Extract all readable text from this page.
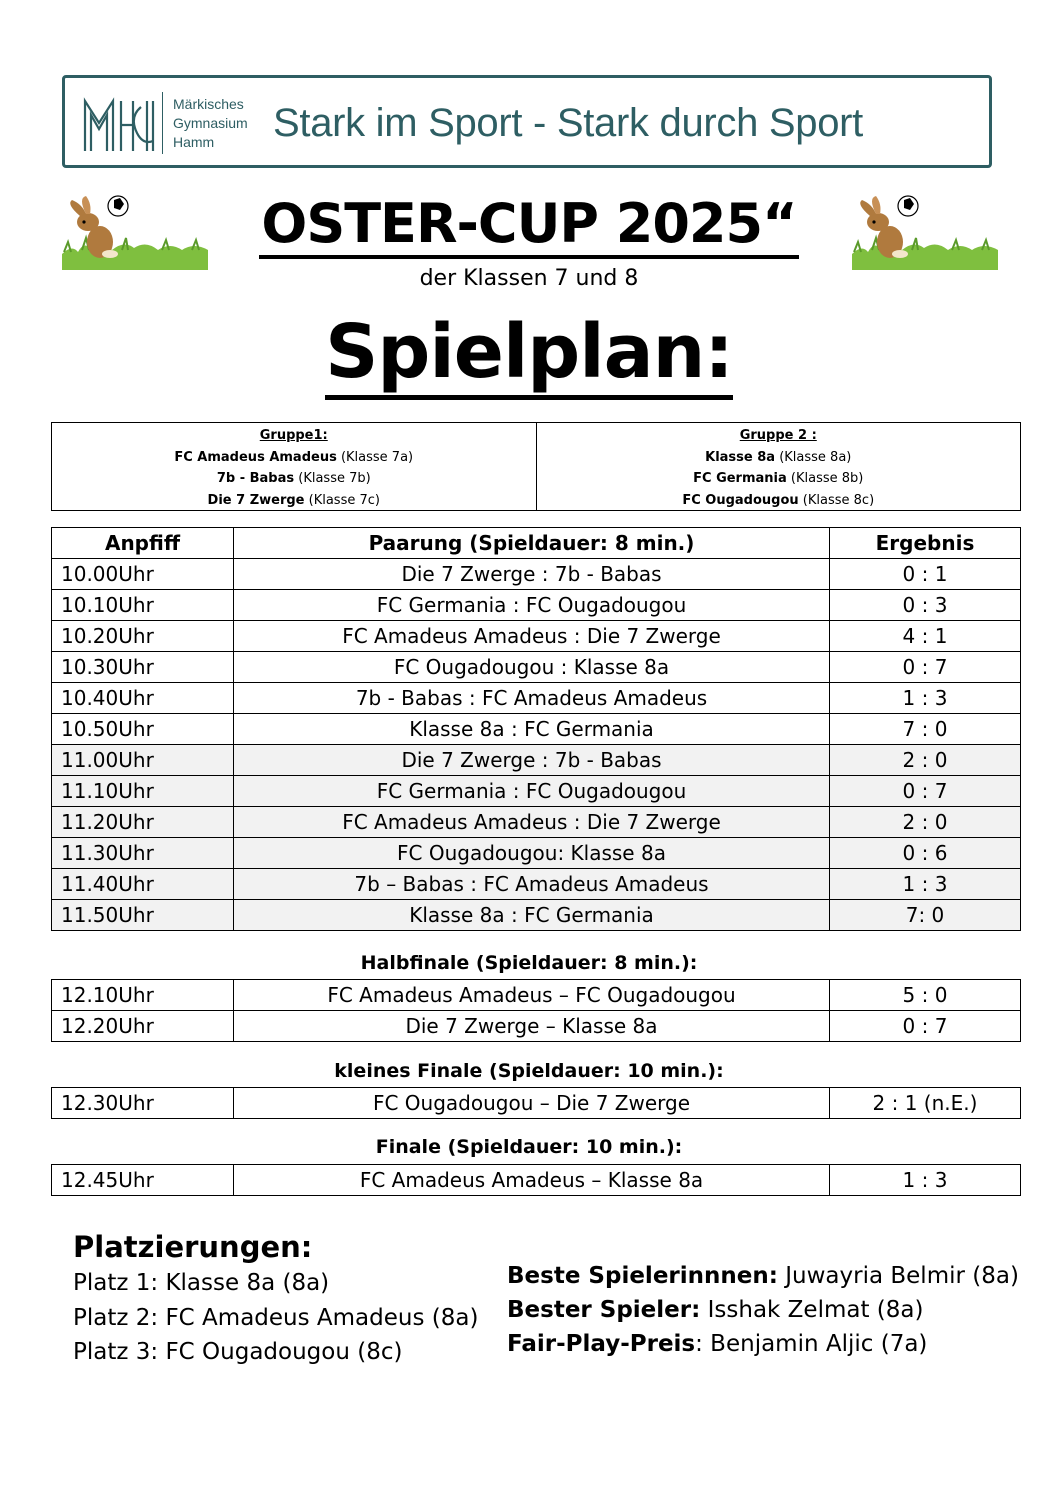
Märkisches
Gymnasium
Hamm	Stark im Sport - Stark durch Sport
OSTER-CUP 2025“
der Klassen 7 und 8
Spielplan:
Gruppe1:
FC Amadeus Amadeus (Klasse 7a)
7b - Babas (Klasse 7b)
Die 7 Zwerge (Klasse 7c)
Gruppe 2 :
Klasse 8a (Klasse 8a)
FC Germania (Klasse 8b)
FC Ougadougou (Klasse 8c)
Anpfiff	Paarung (Spieldauer: 8 min.)	Ergebnis
10.00Uhr	Die 7 Zwerge : 7b - Babas	0 : 1
10.10Uhr	FC Germania : FC Ougadougou	0 : 3
10.20Uhr	FC Amadeus Amadeus : Die 7 Zwerge	4 : 1
10.30Uhr	FC Ougadougou : Klasse 8a	0 : 7
10.40Uhr	7b - Babas : FC Amadeus Amadeus	1 : 3
10.50Uhr	Klasse 8a : FC Germania	7 : 0
11.00Uhr	Die 7 Zwerge : 7b - Babas	2 : 0
11.10Uhr	FC Germania : FC Ougadougou	0 : 7
11.20Uhr	FC Amadeus Amadeus : Die 7 Zwerge	2 : 0
11.30Uhr	FC Ougadougou: Klasse 8a	0 : 6
11.40Uhr	7b – Babas : FC Amadeus Amadeus	1 : 3
11.50Uhr	Klasse 8a : FC Germania	7: 0
Halbfinale (Spieldauer: 8 min.):
12.10Uhr	FC Amadeus Amadeus – FC Ougadougou	5 : 0
12.20Uhr	Die 7 Zwerge – Klasse 8a	0 : 7
kleines Finale (Spieldauer: 10 min.):
12.30Uhr	FC Ougadougou – Die 7 Zwerge	2 : 1 (n.E.)
Finale (Spieldauer: 10 min.):
12.45Uhr	FC Amadeus Amadeus – Klasse 8a	1 : 3
Platzierungen:
Platz 1: Klasse 8a (8a)
Platz 2: FC Amadeus Amadeus (8a)
Platz 3: FC Ougadougou (8c)
Beste Spielerinnnen: Juwayria Belmir (8a)
Bester Spieler: Isshak Zelmat (8a)
Fair-Play-Preis: Benjamin Aljic (7a)
